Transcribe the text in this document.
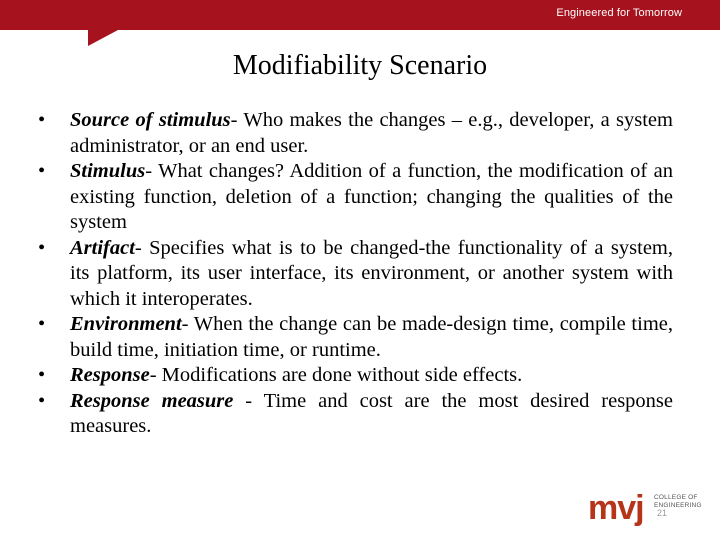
Engineered for Tomorrow
Modifiability Scenario
• Source of stimulus- Who makes the changes – e.g., developer, a system administrator, or an end user.
• Stimulus- What changes? Addition of a function, the modification of an existing function, deletion of a function; changing the qualities of the system
• Artifact- Specifies what is to be changed-the functionality of a system, its platform, its user interface, its environment, or another system with which it interoperates.
• Environment- When the change can be made-design time, compile time, build time, initiation time, or runtime.
• Response- Modifications are done without side effects.
• Response measure - Time and cost are the most desired response measures.
mvj COLLEGE OF ENGINEERING
21
